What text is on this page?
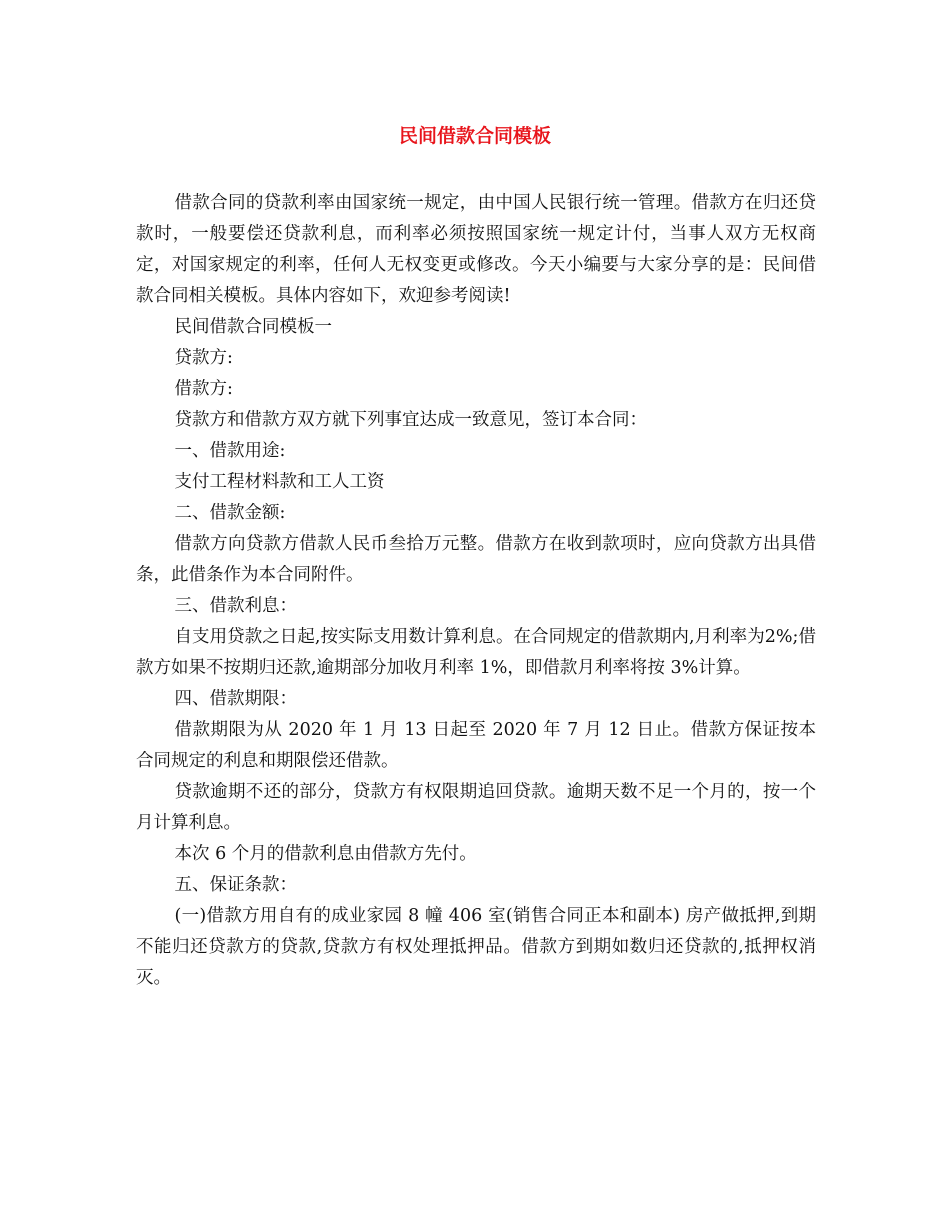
民间借款合同模板

借款合同的贷款利率由国家统一规定，由中国人民银行统一管理。借款方在归还贷款时，一般要偿还贷款利息，而利率必须按照国家统一规定计付，当事人双方无权商定，对国家规定的利率，任何人无权变更或修改。今天小编要与大家分享的是：民间借款合同相关模板。具体内容如下，欢迎参考阅读!

民间借款合同模板一

贷款方:

借款方:

贷款方和借款方双方就下列事宜达成一致意见，签订本合同：

一、借款用途:

支付工程材料款和工人工资

二、借款金额:

借款方向贷款方借款人民币叁拾万元整。借款方在收到款项时，应向贷款方出具借条，此借条作为本合同附件。

三、借款利息：

自支用贷款之日起,按实际支用数计算利息。在合同规定的借款期内,月利率为2%;借款方如果不按期归还款,逾期部分加收月利率 1%，即借款月利率将按 3%计算。

四、借款期限：

借款期限为从 2020 年 1 月 13 日起至 2020 年 7 月 12 日止。借款方保证按本合同规定的利息和期限偿还借款。

贷款逾期不还的部分，贷款方有权限期追回贷款。逾期天数不足一个月的，按一个月计算利息。

本次 6 个月的借款利息由借款方先付。

五、保证条款：

(一)借款方用自有的成业家园 8 幢 406 室(销售合同正本和副本) 房产做抵押,到期不能归还贷款方的贷款,贷款方有权处理抵押品。借款方到期如数归还贷款的,抵押权消灭。
